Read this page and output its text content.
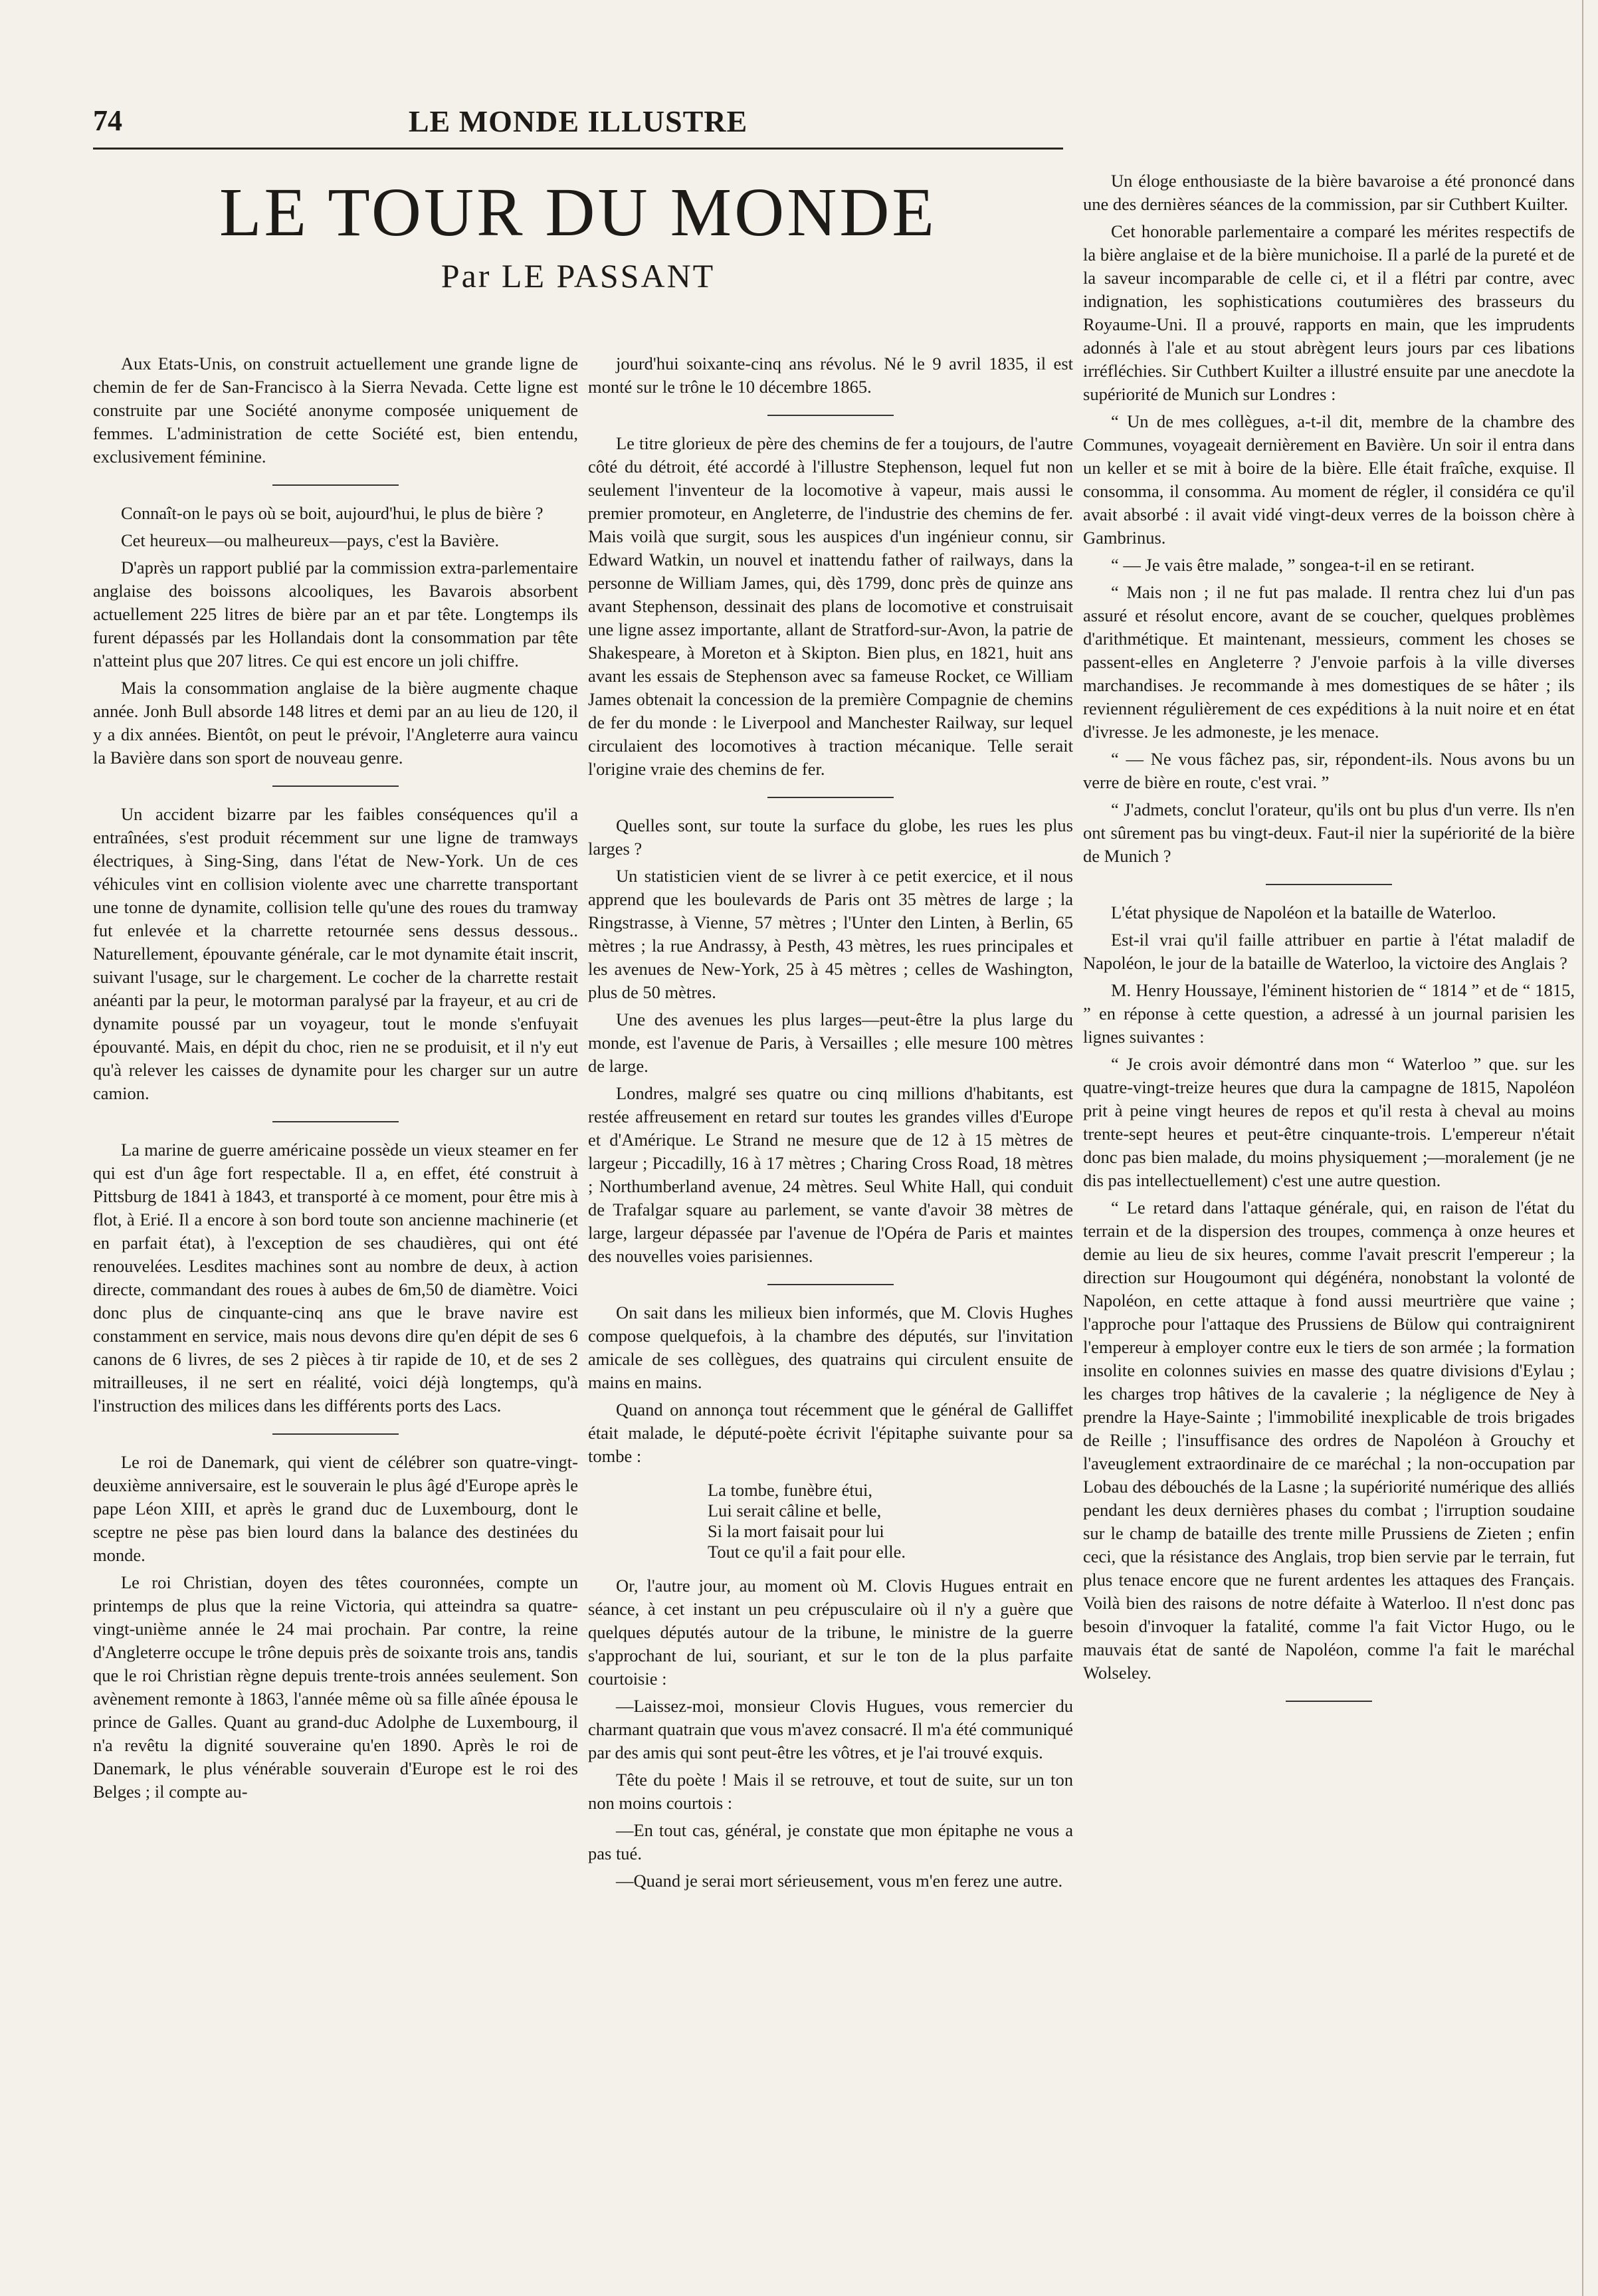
74	LE MONDE ILLUSTRE
LE TOUR DU MONDE
Par LE PASSANT

Aux Etats-Unis, on construit actuellement une grande ligne de chemin de fer de San-Francisco à la Sierra Nevada. Cette ligne est construite par une Société anonyme composée uniquement de femmes. L'administration de cette Société est, bien entendu, exclusivement féminine.

Connaît-on le pays où se boit, aujourd'hui, le plus de bière ?

Cet heureux—ou malheureux—pays, c'est la Bavière.

D'après un rapport publié par la commission extra-parlementaire anglaise des boissons alcooliques, les Bavarois absorbent actuellement 225 litres de bière par an et par tête. Longtemps ils furent dépassés par les Hollandais dont la consommation par tête n'atteint plus que 207 litres. Ce qui est encore un joli chiffre.

Mais la consommation anglaise de la bière augmente chaque année. Jonh Bull absorde 148 litres et demi par an au lieu de 120, il y a dix années. Bientôt, on peut le prévoir, l'Angleterre aura vaincu la Bavière dans son sport de nouveau genre.

Un accident bizarre par les faibles conséquences qu'il a entraînées, s'est produit récemment sur une ligne de tramways électriques, à Sing-Sing, dans l'état de New-York. Un de ces véhicules vint en collision violente avec une charrette transportant une tonne de dynamite, collision telle qu'une des roues du tramway fut enlevée et la charrette retournée sens dessus dessous.. Naturellement, épouvante générale, car le mot dynamite était inscrit, suivant l'usage, sur le chargement. Le cocher de la charrette restait anéanti par la peur, le motorman paralysé par la frayeur, et au cri de dynamite poussé par un voyageur, tout le monde s'enfuyait épouvanté. Mais, en dépit du choc, rien ne se produisit, et il n'y eut qu'à relever les caisses de dynamite pour les charger sur un autre camion.

La marine de guerre américaine possède un vieux steamer en fer qui est d'un âge fort respectable. Il a, en effet, été construit à Pittsburg de 1841 à 1843, et transporté à ce moment, pour être mis à flot, à Erié. Il a encore à son bord toute son ancienne machinerie (et en parfait état), à l'exception de ses chaudières, qui ont été renouvelées. Lesdites machines sont au nombre de deux, à action directe, commandant des roues à aubes de 6m,50 de diamètre. Voici donc plus de cinquante-cinq ans que le brave navire est constamment en service, mais nous devons dire qu'en dépit de ses 6 canons de 6 livres, de ses 2 pièces à tir rapide de 10, et de ses 2 mitrailleuses, il ne sert en réalité, voici déjà longtemps, qu'à l'instruction des milices dans les différents ports des Lacs.

Le roi de Danemark, qui vient de célébrer son quatre-vingt-deuxième anniversaire, est le souverain le plus âgé d'Europe après le pape Léon XIII, et après le grand duc de Luxembourg, dont le sceptre ne pèse pas bien lourd dans la balance des destinées du monde.

Le roi Christian, doyen des têtes couronnées, compte un printemps de plus que la reine Victoria, qui atteindra sa quatre-vingt-unième année le 24 mai prochain. Par contre, la reine d'Angleterre occupe le trône depuis près de soixante trois ans, tandis que le roi Christian règne depuis trente-trois années seulement. Son avènement remonte à 1863, l'année même où sa fille aînée épousa le prince de Galles. Quant au grand-duc Adolphe de Luxembourg, il n'a revêtu la dignité souveraine qu'en 1890. Après le roi de Danemark, le plus vénérable souverain d'Europe est le roi des Belges ; il compte au-

jourd'hui soixante-cinq ans révolus. Né le 9 avril 1835, il est monté sur le trône le 10 décembre 1865.

Le titre glorieux de père des chemins de fer a toujours, de l'autre côté du détroit, été accordé à l'illustre Stephenson, lequel fut non seulement l'inventeur de la locomotive à vapeur, mais aussi le premier promoteur, en Angleterre, de l'industrie des chemins de fer. Mais voilà que surgit, sous les auspices d'un ingénieur connu, sir Edward Watkin, un nouvel et inattendu father of railways, dans la personne de William James, qui, dès 1799, donc près de quinze ans avant Stephenson, dessinait des plans de locomotive et construisait une ligne assez importante, allant de Stratford-sur-Avon, la patrie de Shakespeare, à Moreton et à Skipton. Bien plus, en 1821, huit ans avant les essais de Stephenson avec sa fameuse Rocket, ce William James obtenait la concession de la première Compagnie de chemins de fer du monde : le Liverpool and Manchester Railway, sur lequel circulaient des locomotives à traction mécanique. Telle serait l'origine vraie des chemins de fer.

Quelles sont, sur toute la surface du globe, les rues les plus larges ?

Un statisticien vient de se livrer à ce petit exercice, et il nous apprend que les boulevards de Paris ont 35 mètres de large ; la Ringstrasse, à Vienne, 57 mètres ; l'Unter den Linten, à Berlin, 65 mètres ; la rue Andrassy, à Pesth, 43 mètres, les rues principales et les avenues de New-York, 25 à 45 mètres ; celles de Washington, plus de 50 mètres.

Une des avenues les plus larges—peut-être la plus large du monde, est l'avenue de Paris, à Versailles ; elle mesure 100 mètres de large.

Londres, malgré ses quatre ou cinq millions d'habitants, est restée affreusement en retard sur toutes les grandes villes d'Europe et d'Amérique. Le Strand ne mesure que de 12 à 15 mètres de largeur ; Piccadilly, 16 à 17 mètres ; Charing Cross Road, 18 mètres ; Northumberland avenue, 24 mètres. Seul White Hall, qui conduit de Trafalgar square au parlement, se vante d'avoir 38 mètres de large, largeur dépassée par l'avenue de l'Opéra de Paris et maintes des nouvelles voies parisiennes.

On sait dans les milieux bien informés, que M. Clovis Hughes compose quelquefois, à la chambre des députés, sur l'invitation amicale de ses collègues, des quatrains qui circulent ensuite de mains en mains.

Quand on annonça tout récemment que le général de Galliffet était malade, le député-poète écrivit l'épitaphe suivante pour sa tombe :

La tombe, funèbre étui,
Lui serait câline et belle,
Si la mort faisait pour lui
Tout ce qu'il a fait pour elle.

Or, l'autre jour, au moment où M. Clovis Hugues entrait en séance, à cet instant un peu crépusculaire où il n'y a guère que quelques députés autour de la tribune, le ministre de la guerre s'approchant de lui, souriant, et sur le ton de la plus parfaite courtoisie :

—Laissez-moi, monsieur Clovis Hugues, vous remercier du charmant quatrain que vous m'avez consacré. Il m'a été communiqué par des amis qui sont peut-être les vôtres, et je l'ai trouvé exquis.

Tête du poète ! Mais il se retrouve, et tout de suite, sur un ton non moins courtois :

—En tout cas, général, je constate que mon épitaphe ne vous a pas tué.

—Quand je serai mort sérieusement, vous m'en ferez une autre.

Un éloge enthousiaste de la bière bavaroise a été prononcé dans une des dernières séances de la commission, par sir Cuthbert Kuilter.

Cet honorable parlementaire a comparé les mérites respectifs de la bière anglaise et de la bière munichoise. Il a parlé de la pureté et de la saveur incomparable de celle ci, et il a flétri par contre, avec indignation, les sophistications coutumières des brasseurs du Royaume-Uni. Il a prouvé, rapports en main, que les imprudents adonnés à l'ale et au stout abrègent leurs jours par ces libations irréfléchies. Sir Cuthbert Kuilter a illustré ensuite par une anecdote la supériorité de Munich sur Londres :

“ Un de mes collègues, a-t-il dit, membre de la chambre des Communes, voyageait dernièrement en Bavière. Un soir il entra dans un keller et se mit à boire de la bière. Elle était fraîche, exquise. Il consomma, il consomma. Au moment de régler, il considéra ce qu'il avait absorbé : il avait vidé vingt-deux verres de la boisson chère à Gambrinus.

“ — Je vais être malade, ” songea-t-il en se retirant.

“ Mais non ; il ne fut pas malade. Il rentra chez lui d'un pas assuré et résolut encore, avant de se coucher, quelques problèmes d'arithmétique. Et maintenant, messieurs, comment les choses se passent-elles en Angleterre ? J'envoie parfois à la ville diverses marchandises. Je recommande à mes domestiques de se hâter ; ils reviennent régulièrement de ces expéditions à la nuit noire et en état d'ivresse. Je les admoneste, je les menace.

“ — Ne vous fâchez pas, sir, répondent-ils. Nous avons bu un verre de bière en route, c'est vrai. ”

“ J'admets, conclut l'orateur, qu'ils ont bu plus d'un verre. Ils n'en ont sûrement pas bu vingt-deux. Faut-il nier la supériorité de la bière de Munich ?

L'état physique de Napoléon et la bataille de Waterloo.

Est-il vrai qu'il faille attribuer en partie à l'état maladif de Napoléon, le jour de la bataille de Waterloo, la victoire des Anglais ?

M. Henry Houssaye, l'éminent historien de “ 1814 ” et de “ 1815, ” en réponse à cette question, a adressé à un journal parisien les lignes suivantes :

“ Je crois avoir démontré dans mon “ Waterloo ” que. sur les quatre-vingt-treize heures que dura la campagne de 1815, Napoléon prit à peine vingt heures de repos et qu'il resta à cheval au moins trente-sept heures et peut-être cinquante-trois. L'empereur n'était donc pas bien malade, du moins physiquement ;—moralement (je ne dis pas intellectuellement) c'est une autre question.

“ Le retard dans l'attaque générale, qui, en raison de l'état du terrain et de la dispersion des troupes, commença à onze heures et demie au lieu de six heures, comme l'avait prescrit l'empereur ; la direction sur Hougoumont qui dégénéra, nonobstant la volonté de Napoléon, en cette attaque à fond aussi meurtrière que vaine ; l'approche pour l'attaque des Prussiens de Bülow qui contraignirent l'empereur à employer contre eux le tiers de son armée ; la formation insolite en colonnes suivies en masse des quatre divisions d'Eylau ; les charges trop hâtives de la cavalerie ; la négligence de Ney à prendre la Haye-Sainte ; l'immobilité inexplicable de trois brigades de Reille ; l'insuffisance des ordres de Napoléon à Grouchy et l'aveuglement extraordinaire de ce maréchal ; la non-occupation par Lobau des débouchés de la Lasne ; la supériorité numérique des alliés pendant les deux dernières phases du combat ; l'irruption soudaine sur le champ de bataille des trente mille Prussiens de Zieten ; enfin ceci, que la résistance des Anglais, trop bien servie par le terrain, fut plus tenace encore que ne furent ardentes les attaques des Français. Voilà bien des raisons de notre défaite à Waterloo. Il n'est donc pas besoin d'invoquer la fatalité, comme l'a fait Victor Hugo, ou le mauvais état de santé de Napoléon, comme l'a fait le maréchal Wolseley.
